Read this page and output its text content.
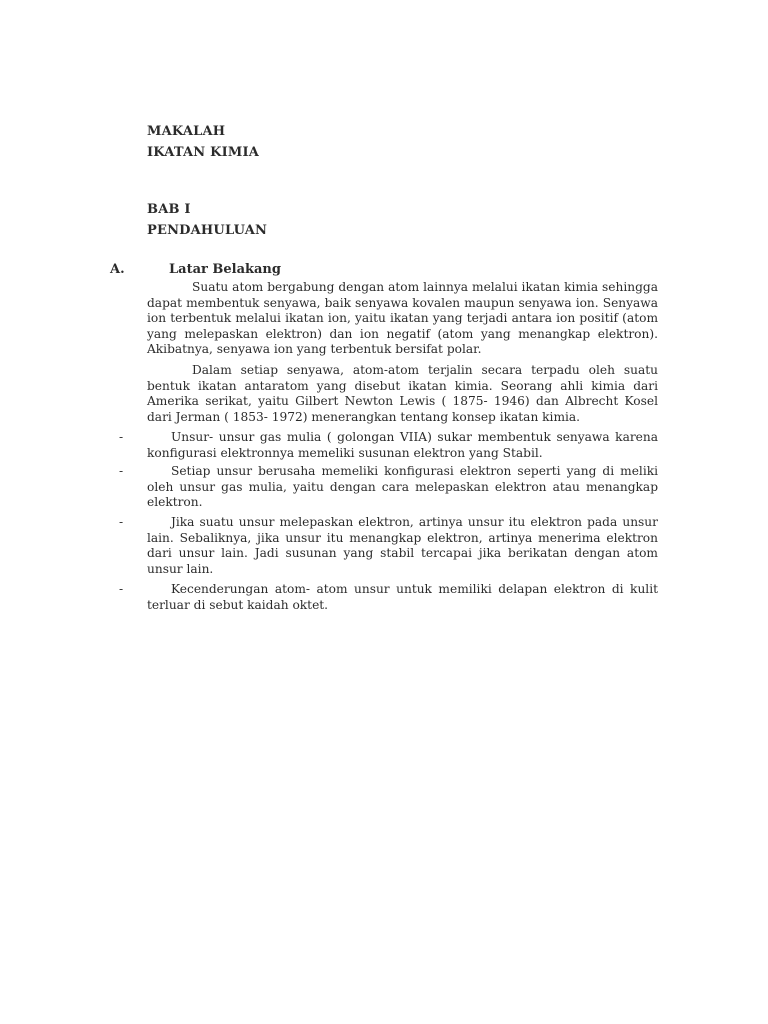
MAKALAH
IKATAN KIMIA
BAB I
PENDAHULUAN
A.	Latar Belakang

Suatu atom bergabung dengan atom lainnya melalui ikatan kimia sehingga dapat membentuk senyawa, baik senyawa kovalen maupun senyawa ion. Senyawa ion terbentuk melalui ikatan ion, yaitu ikatan yang terjadi antara ion positif (atom yang melepaskan elektron) dan ion negatif (atom yang menangkap elektron). Akibatnya, senyawa ion yang terbentuk bersifat polar.

Dalam setiap senyawa, atom-atom terjalin secara terpadu oleh suatu bentuk ikatan antaratom yang disebut ikatan kimia. Seorang ahli kimia dari Amerika serikat, yaitu Gilbert Newton Lewis ( 1875- 1946) dan Albrecht Kosel dari Jerman ( 1853- 1972) menerangkan tentang konsep ikatan kimia.

-	Unsur- unsur gas mulia ( golongan VIIA) sukar membentuk senyawa karena konfigurasi elektronnya memeliki susunan elektron yang Stabil.

-	Setiap unsur berusaha memeliki konfigurasi elektron seperti yang di meliki oleh unsur gas mulia, yaitu dengan cara melepaskan elektron atau menangkap elektron.

-	Jika suatu unsur melepaskan elektron, artinya unsur itu elektron pada unsur lain. Sebaliknya, jika unsur itu menangkap elektron, artinya menerima elektron dari unsur lain. Jadi susunan yang stabil tercapai jika berikatan dengan atom unsur lain.

-	Kecenderungan atom- atom unsur untuk memiliki delapan elektron di kulit terluar di sebut kaidah oktet.
